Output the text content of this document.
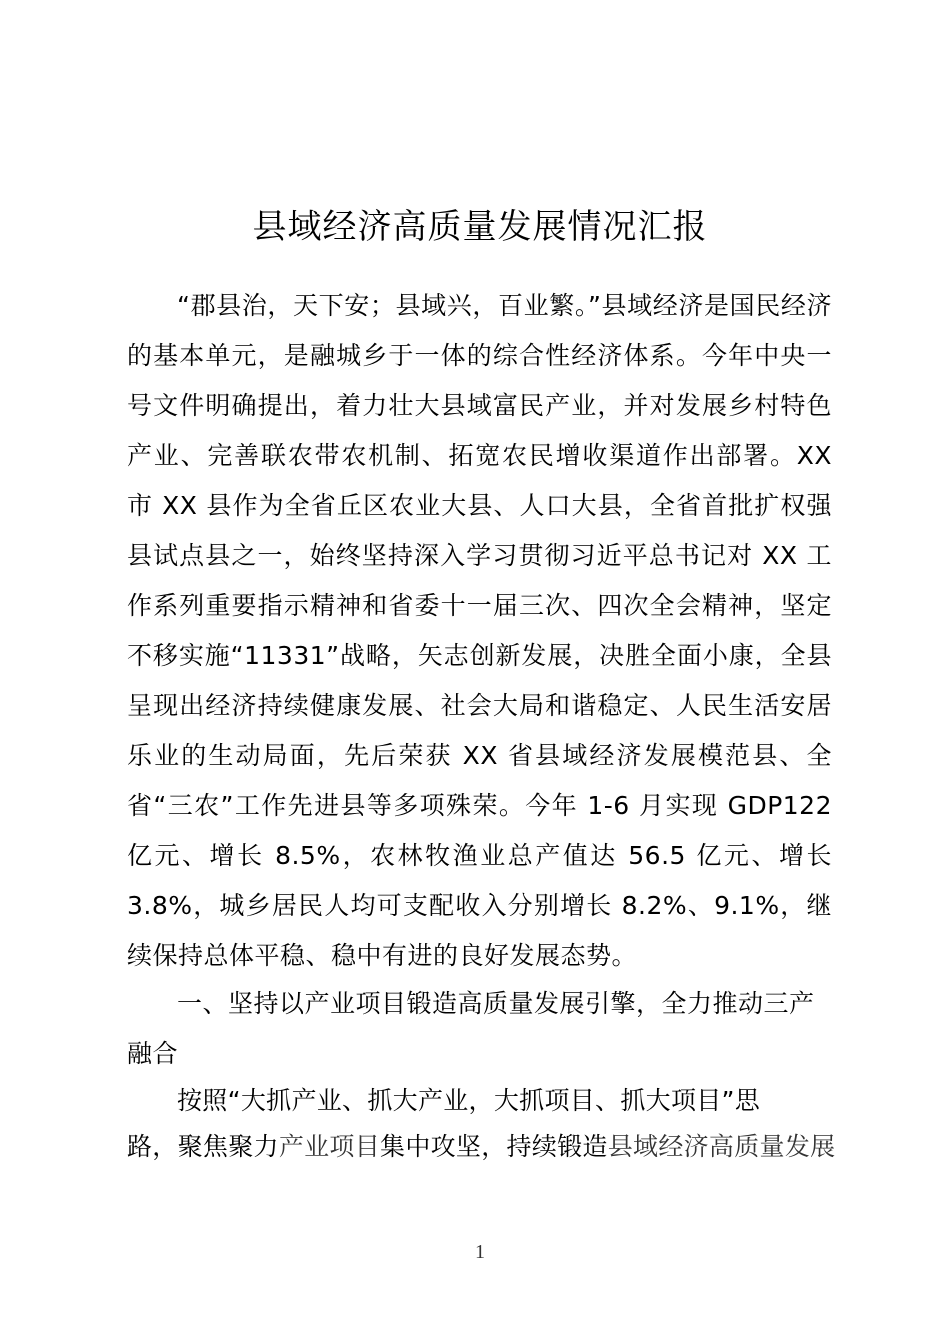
县域经济高质量发展情况汇报

“郡县治，天下安；县域兴，百业繁。”县域经济是国民经济的基本单元，是融城乡于一体的综合性经济体系。今年中央一号文件明确提出，着力壮大县域富民产业，并对发展乡村特色产业、完善联农带农机制、拓宽农民增收渠道作出部署。XX 市 XX 县作为全省丘区农业大县、人口大县，全省首批扩权强县试点县之一，始终坚持深入学习贯彻习近平总书记对 XX 工作系列重要指示精神和省委十一届三次、四次全会精神，坚定不移实施“11331”战略，矢志创新发展，决胜全面小康，全县呈现出经济持续健康发展、社会大局和谐稳定、人民生活安居乐业的生动局面，先后荣获 XX 省县域经济发展模范县、全省“三农”工作先进县等多项殊荣。今年 1-6 月实现 GDP122 亿元、增长 8.5%，农林牧渔业总产值达 56.5 亿元、增长 3.8%，城乡居民人均可支配收入分别增长 8.2%、9.1%，继续保持总体平稳、稳中有进的良好发展态势。

一、坚持以产业项目锻造高质量发展引擎，全力推动三产融合

按照“大抓产业、抓大产业，大抓项目、抓大项目”思
路，聚焦聚力产业项目集中攻坚，持续锻造县域经济高质量发展
1
